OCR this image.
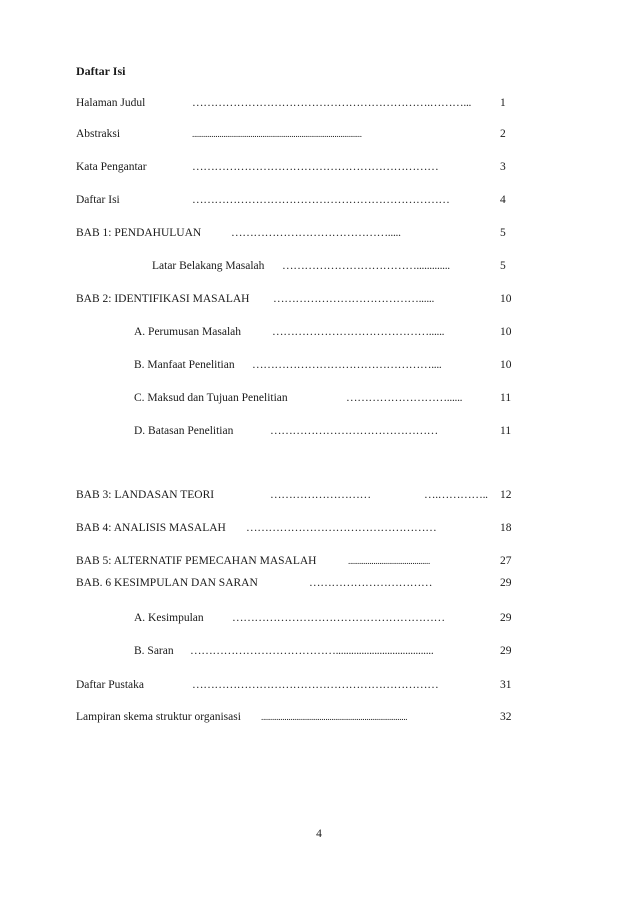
Daftar Isi
Halaman Judul	……………………………………………………….………...	1
Abstraksi	.......................................................................................	2
Kata Pengantar	…………………………………………………………	3
Daftar Isi	……………………………………………………………	4
BAB 1: PENDAHULUAN	…………………………………….....	5
Latar Belakang Masalah ……………………………….............	5
BAB 2: IDENTIFIKASI MASALAH …………………………………......	10
A. Perumusan Masalah	……………………………………......	10
B. Manfaat Penelitian …………………………………………....	10
C. Maksud dan Tujuan Penelitian	………………………......	11
D. Batasan Penelitian	………………………………………	11
BAB 3: LANDASAN TEORI	………………………	….…………..	12
BAB 4: ANALISIS MASALAH ……………………………………………	18
BAB 5: ALTERNATIF PEMECAHAN MASALAH	..........................................	27
BAB. 6 KESIMPULAN DAN SARAN	……………………………	29
A. Kesimpulan …………………………………………………	29
B. Saran …………………………………......................................	29
Daftar Pustaka	…………………………………………………………	31
Lampiran skema struktur organisasi ...........................................................................	32
4
